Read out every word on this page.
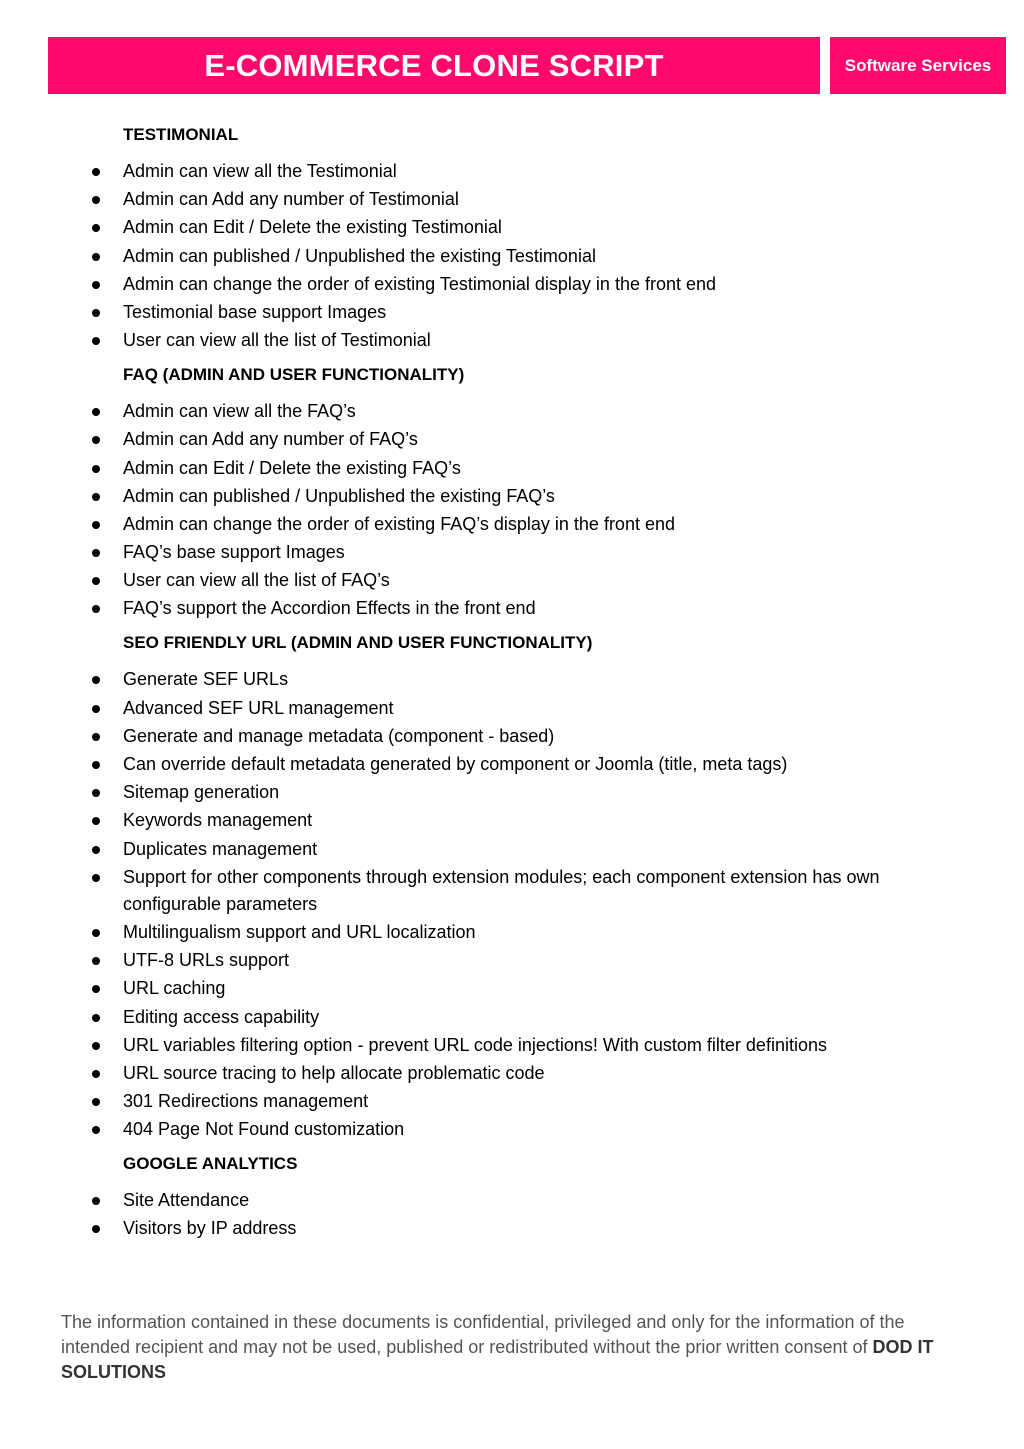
E-COMMERCE CLONE SCRIPT	Software Services
TESTIMONIAL
Admin can view all the Testimonial
Admin can Add any number of Testimonial
Admin can Edit / Delete the existing Testimonial
Admin can published / Unpublished the existing Testimonial
Admin can change the order of existing Testimonial display in the front end
Testimonial base support Images
User can view all the list of Testimonial
FAQ (ADMIN AND USER FUNCTIONALITY)
Admin can view all the FAQ’s
Admin can Add any number of FAQ’s
Admin can Edit / Delete the existing FAQ’s
Admin can published / Unpublished the existing FAQ’s
Admin can change the order of existing FAQ’s display in the front end
FAQ’s base support Images
User can view all the list of FAQ’s
FAQ’s support the Accordion Effects in the front end
SEO FRIENDLY URL (ADMIN AND USER FUNCTIONALITY)
Generate SEF URLs
Advanced SEF URL management
Generate and manage metadata (component - based)
Can override default metadata generated by component or Joomla (title, meta tags)
Sitemap generation
Keywords management
Duplicates management
Support for other components through extension modules; each component extension has own configurable parameters
Multilingualism support and URL localization
UTF-8 URLs support
URL caching
Editing access capability
URL variables filtering option - prevent URL code injections! With custom filter definitions
URL source tracing to help allocate problematic code
301 Redirections management
404 Page Not Found customization
GOOGLE ANALYTICS
Site Attendance
Visitors by IP address
The information contained in these documents is confidential, privileged and only for the information of the intended recipient and may not be used, published or redistributed without the prior written consent of DOD IT SOLUTIONS
